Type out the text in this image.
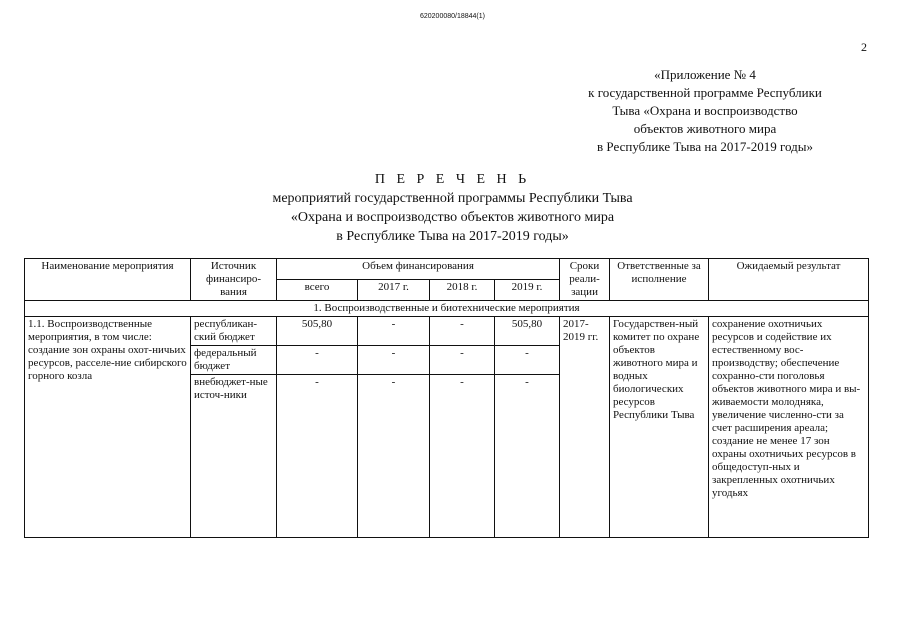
620200080/18844(1)
2
«Приложение № 4
к государственной программе Республики
Тыва «Охрана и воспроизводство
объектов животного мира
в Республике Тыва на 2017-2019 годы»
П Е Р Е Ч Е Н Ь
мероприятий государственной программы Республики Тыва
«Охрана и воспроизводство объектов животного мира
в Республике Тыва на 2017-2019 годы»
Наименование мероприятия	Источник финансиро-вания	Объем финансирования				Сроки реали-зации	Ответственные за исполнение	Ожидаемый результат
		всего	2017 г.	2018 г.	2019 г.			
1. Воспроизводственные и биотехнические мероприятия								
1.1. Воспроизводственные мероприятия, в том числе: создание зон охраны охот-ничьих ресурсов, расселе-ние сибирского горного козла	республикан-ский бюджет	505,80	-	-	505,80	2017-2019 гг.	Государствен-ный комитет по охране объектов животного мира и водных биологических ресурсов Республики Тыва	сохранение охотничьих ресурсов и содействие их естественному вос-производству; обеспечение сохранно-сти поголовья объектов животного мира и вы-живаемости молодняка, увеличение численно-сти за счет расширения ареала; создание не менее 17 зон охраны охотничьих ресурсов в общедоступ-ных и закрепленных охотничьих угодьях
	федеральный бюджет	-	-	-	-			
	внебюджет-ные источ-ники	-	-	-	-			
